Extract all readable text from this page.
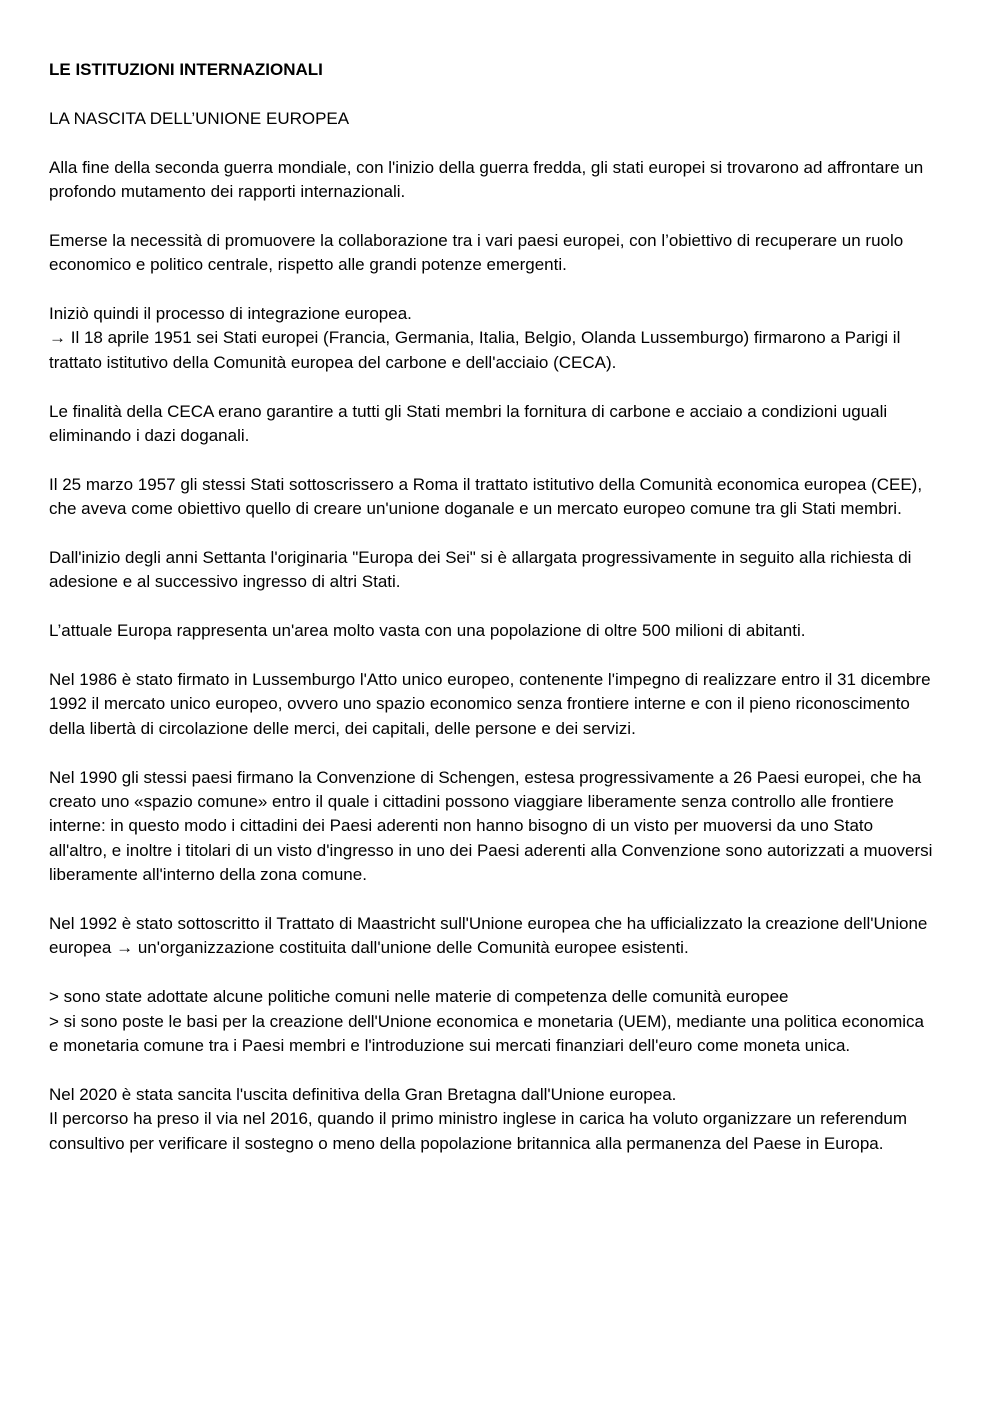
LE ISTITUZIONI INTERNAZIONALI

LA NASCITA DELL’UNIONE EUROPEA

Alla fine della seconda guerra mondiale, con l'inizio della guerra fredda, gli stati europei si trovarono ad affrontare un profondo mutamento dei rapporti internazionali.

Emerse la necessità di promuovere la collaborazione tra i vari paesi europei, con l’obiettivo di recuperare un ruolo economico e politico centrale, rispetto alle grandi potenze emergenti.

Iniziò quindi il processo di integrazione europea.
→ Il 18 aprile 1951 sei Stati europei (Francia, Germania, Italia, Belgio, Olanda Lussemburgo) firmarono a Parigi il trattato istitutivo della Comunità europea del carbone e dell'acciaio (CECA).

Le finalità della CECA erano garantire a tutti gli Stati membri la fornitura di carbone e acciaio a condizioni uguali eliminando i dazi doganali.

Il 25 marzo 1957 gli stessi Stati sottoscrissero a Roma il trattato istitutivo della Comunità economica europea (CEE), che aveva come obiettivo quello di creare un'unione doganale e un mercato europeo comune tra gli Stati membri.

Dall'inizio degli anni Settanta l'originaria "Europa dei Sei" si è allargata progressivamente in seguito alla richiesta di adesione e al successivo ingresso di altri Stati.

L’attuale Europa rappresenta un'area molto vasta con una popolazione di oltre 500 milioni di abitanti.

Nel 1986 è stato firmato in Lussemburgo l'Atto unico europeo, contenente l'impegno di realizzare entro il 31 dicembre 1992 il mercato unico europeo, ovvero uno spazio economico senza frontiere interne e con il pieno riconoscimento della libertà di circolazione delle merci, dei capitali, delle persone e dei servizi.

Nel 1990 gli stessi paesi firmano la Convenzione di Schengen, estesa progressivamente a 26 Paesi europei, che ha creato uno «spazio comune» entro il quale i cittadini possono viaggiare liberamente senza controllo alle frontiere interne: in questo modo i cittadini dei Paesi aderenti non hanno bisogno di un visto per muoversi da uno Stato all'altro, e inoltre i titolari di un visto d'ingresso in uno dei Paesi aderenti alla Convenzione sono autorizzati a muoversi liberamente all'interno della zona comune.

Nel 1992 è stato sottoscritto il Trattato di Maastricht sull'Unione europea che ha ufficializzato la creazione dell'Unione europea → un'organizzazione costituita dall'unione delle Comunità europee esistenti.

> sono state adottate alcune politiche comuni nelle materie di competenza delle comunità europee
> si sono poste le basi per la creazione dell'Unione economica e monetaria (UEM), mediante una politica economica e monetaria comune tra i Paesi membri e l'introduzione sui mercati finanziari dell'euro come moneta unica.

Nel 2020 è stata sancita l'uscita definitiva della Gran Bretagna dall'Unione europea.
Il percorso ha preso il via nel 2016, quando il primo ministro inglese in carica ha voluto organizzare un referendum consultivo per verificare il sostegno o meno della popolazione britannica alla permanenza del Paese in Europa.
